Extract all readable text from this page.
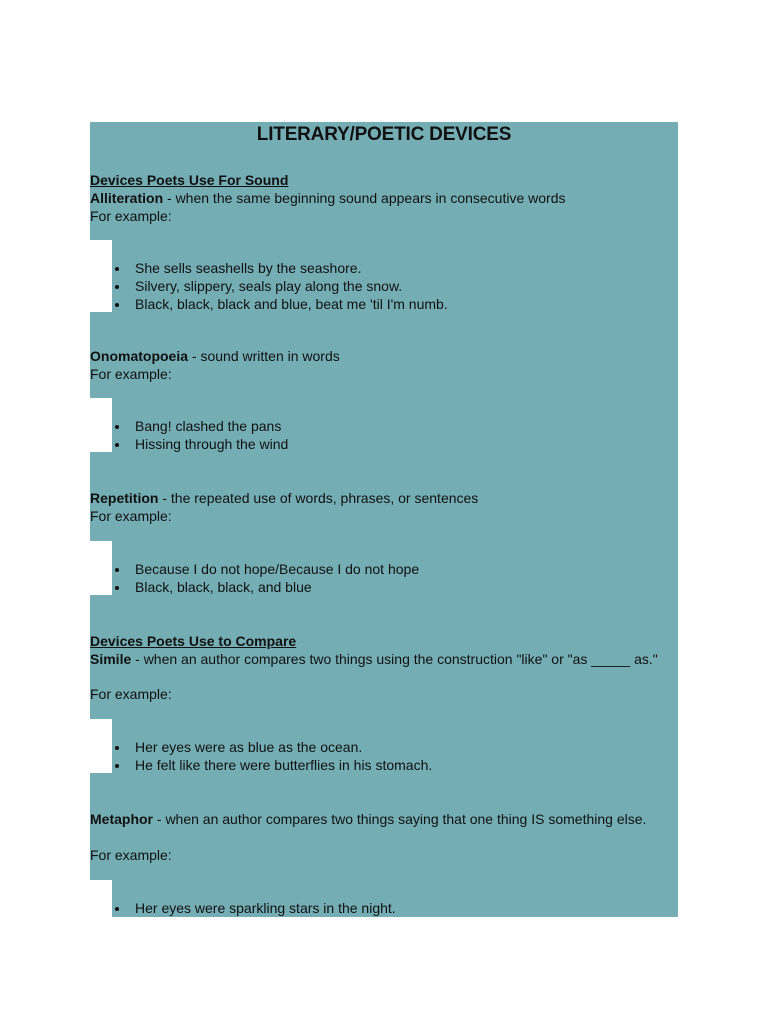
LITERARY/POETIC DEVICES
Devices Poets Use For Sound
Alliteration - when the same beginning sound appears in consecutive words
For example:
She sells seashells by the seashore.
Silvery, slippery, seals play along the snow.
Black, black, black and blue, beat me 'til I'm numb.
Onomatopoeia - sound written in words
For example:
Bang! clashed the pans
Hissing through the wind
Repetition - the repeated use of words, phrases, or sentences
For example:
Because I do not hope/Because I do not hope
Black, black, black, and blue
Devices Poets Use to Compare
Simile - when an author compares two things using the construction "like" or "as _____ as."
For example:
Her eyes were as blue as the ocean.
He felt like there were butterflies in his stomach.
Metaphor - when an author compares two things saying that one thing IS something else.
For example:
Her eyes were sparkling stars in the night.
